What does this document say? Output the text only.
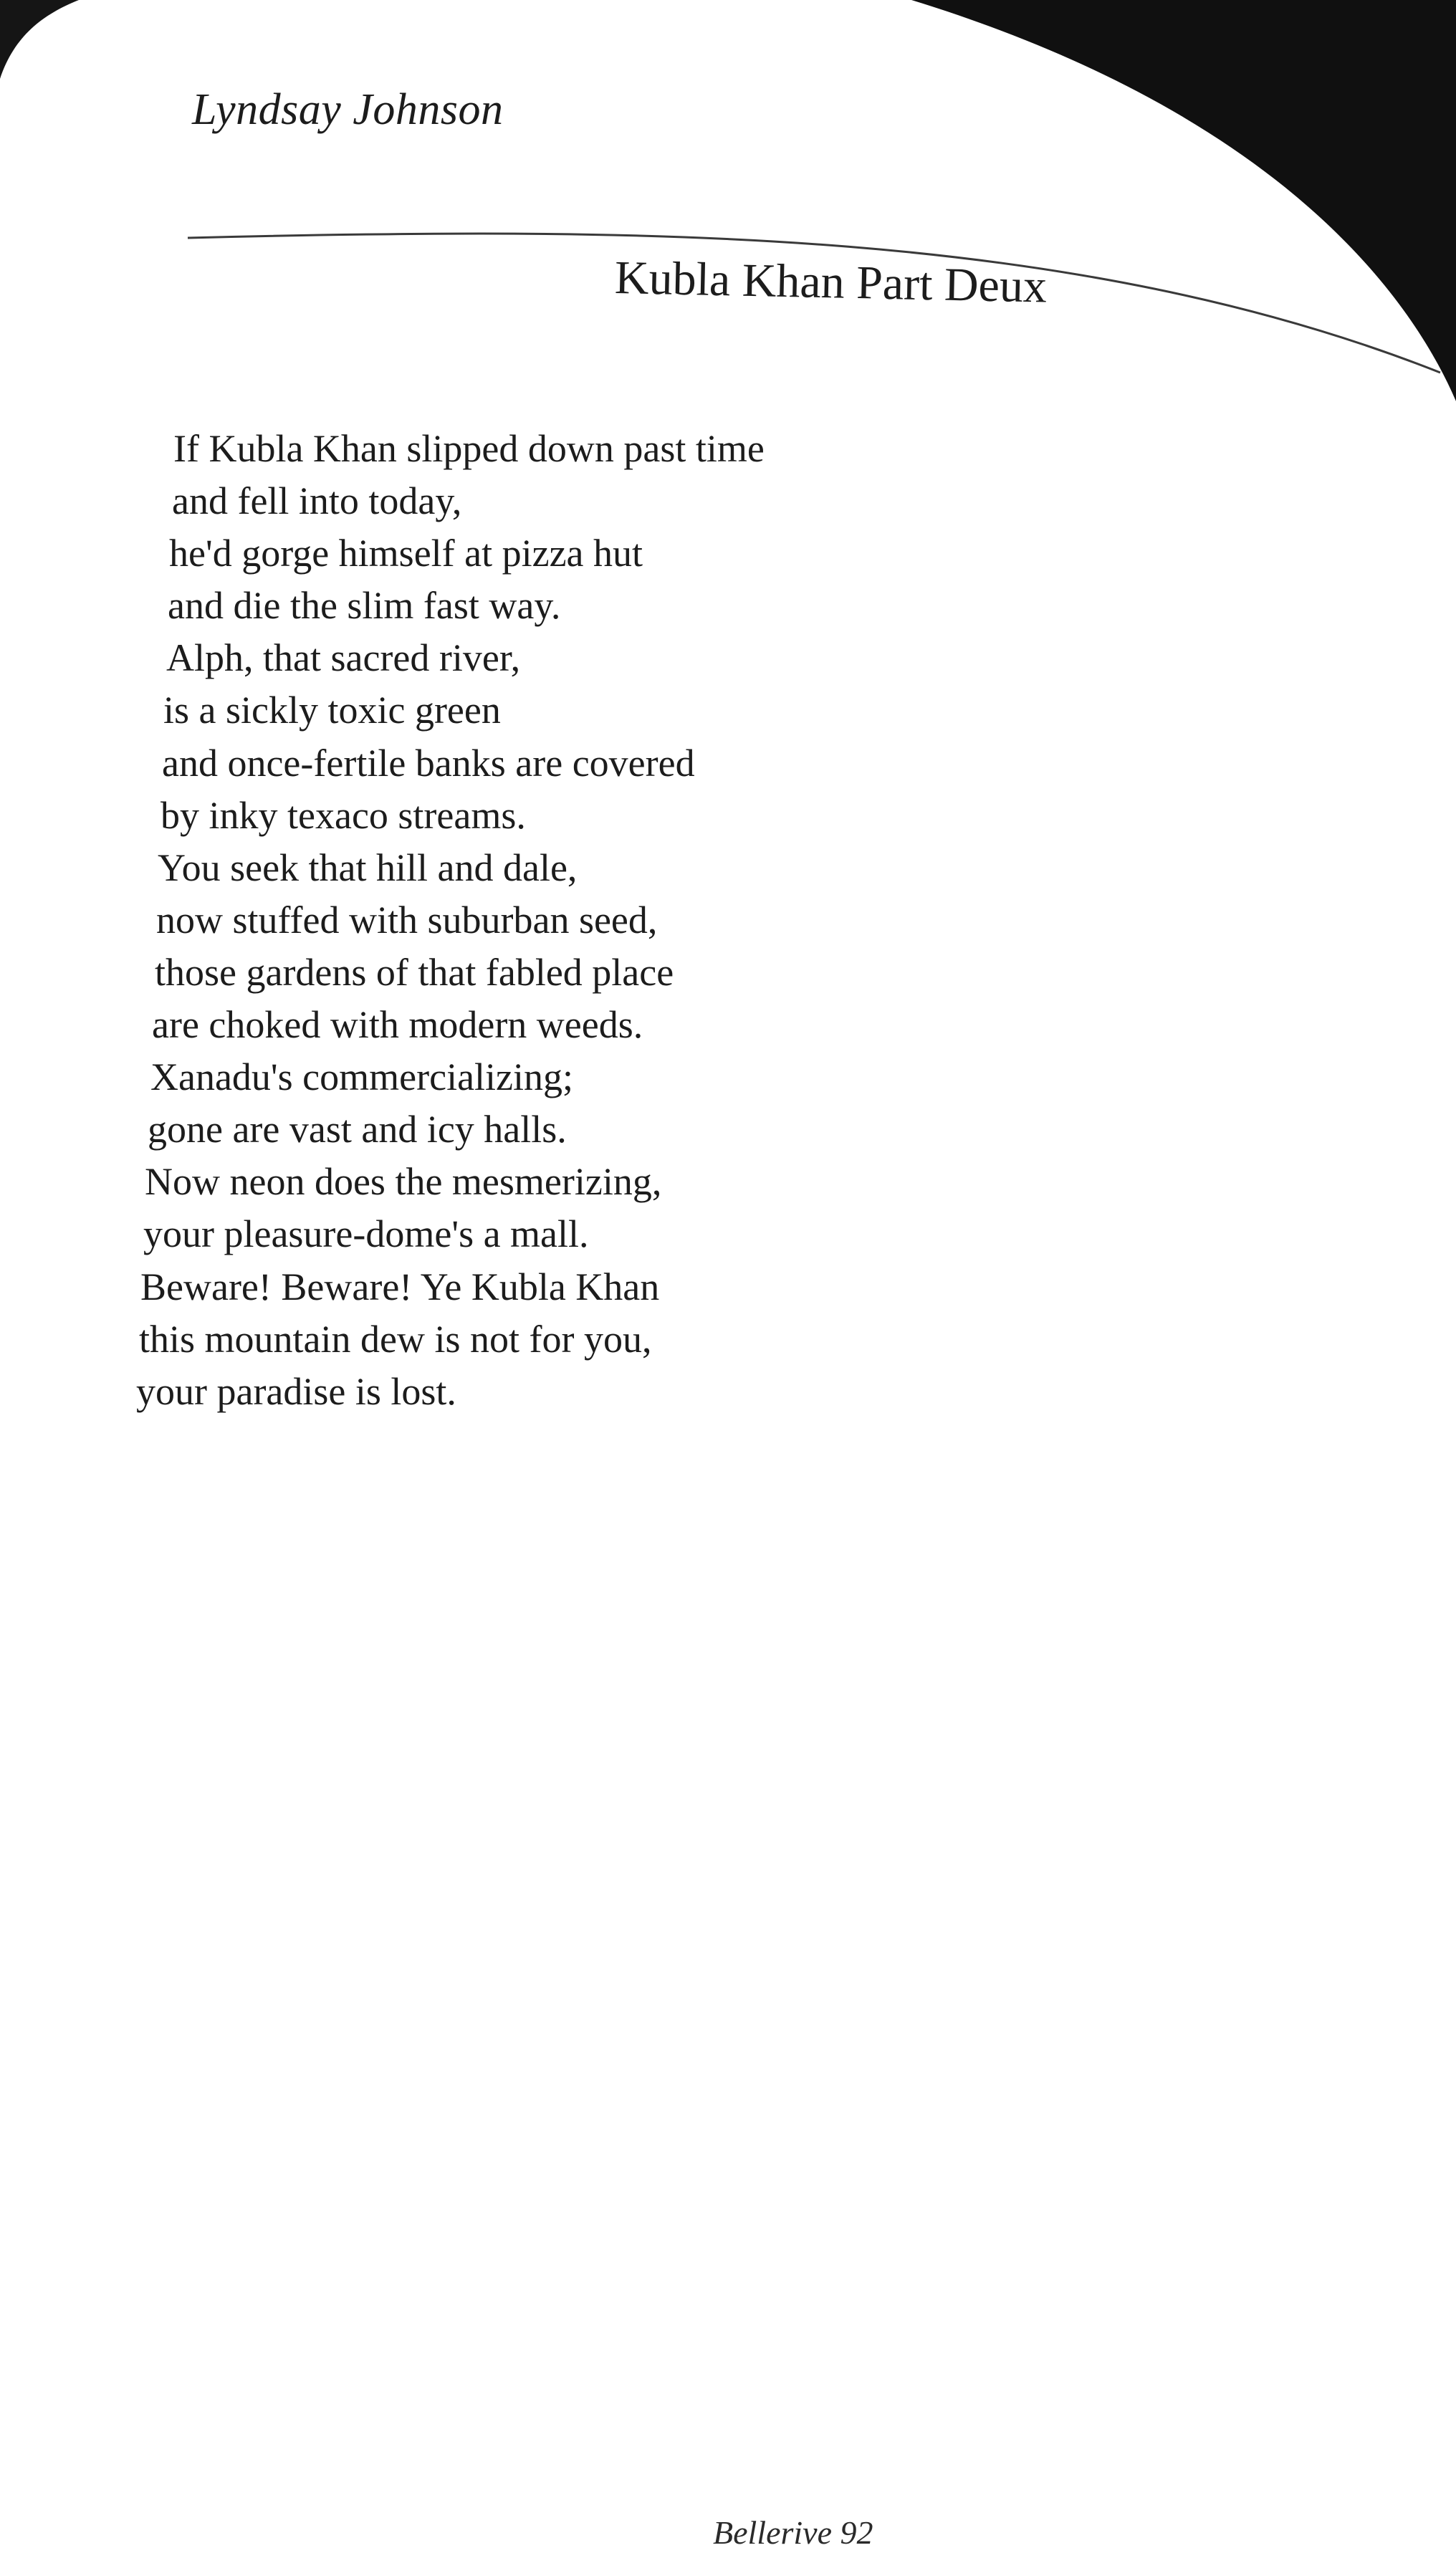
Lyndsay Johnson
Kubla Khan Part Deux
If Kubla Khan slipped down past time
and fell into today,
he'd gorge himself at pizza hut
and die the slim fast way.
Alph, that sacred river,
is a sickly toxic green
and once-fertile banks are covered
by inky texaco streams.
You seek that hill and dale,
now stuffed with suburban seed,
those gardens of that fabled place
are choked with modern weeds.
Xanadu's commercializing;
gone are vast and icy halls.
Now neon does the mesmerizing,
your pleasure-dome's a mall.
Beware! Beware! Ye Kubla Khan
this mountain dew is not for you,
your paradise is lost.
Bellerive 92
